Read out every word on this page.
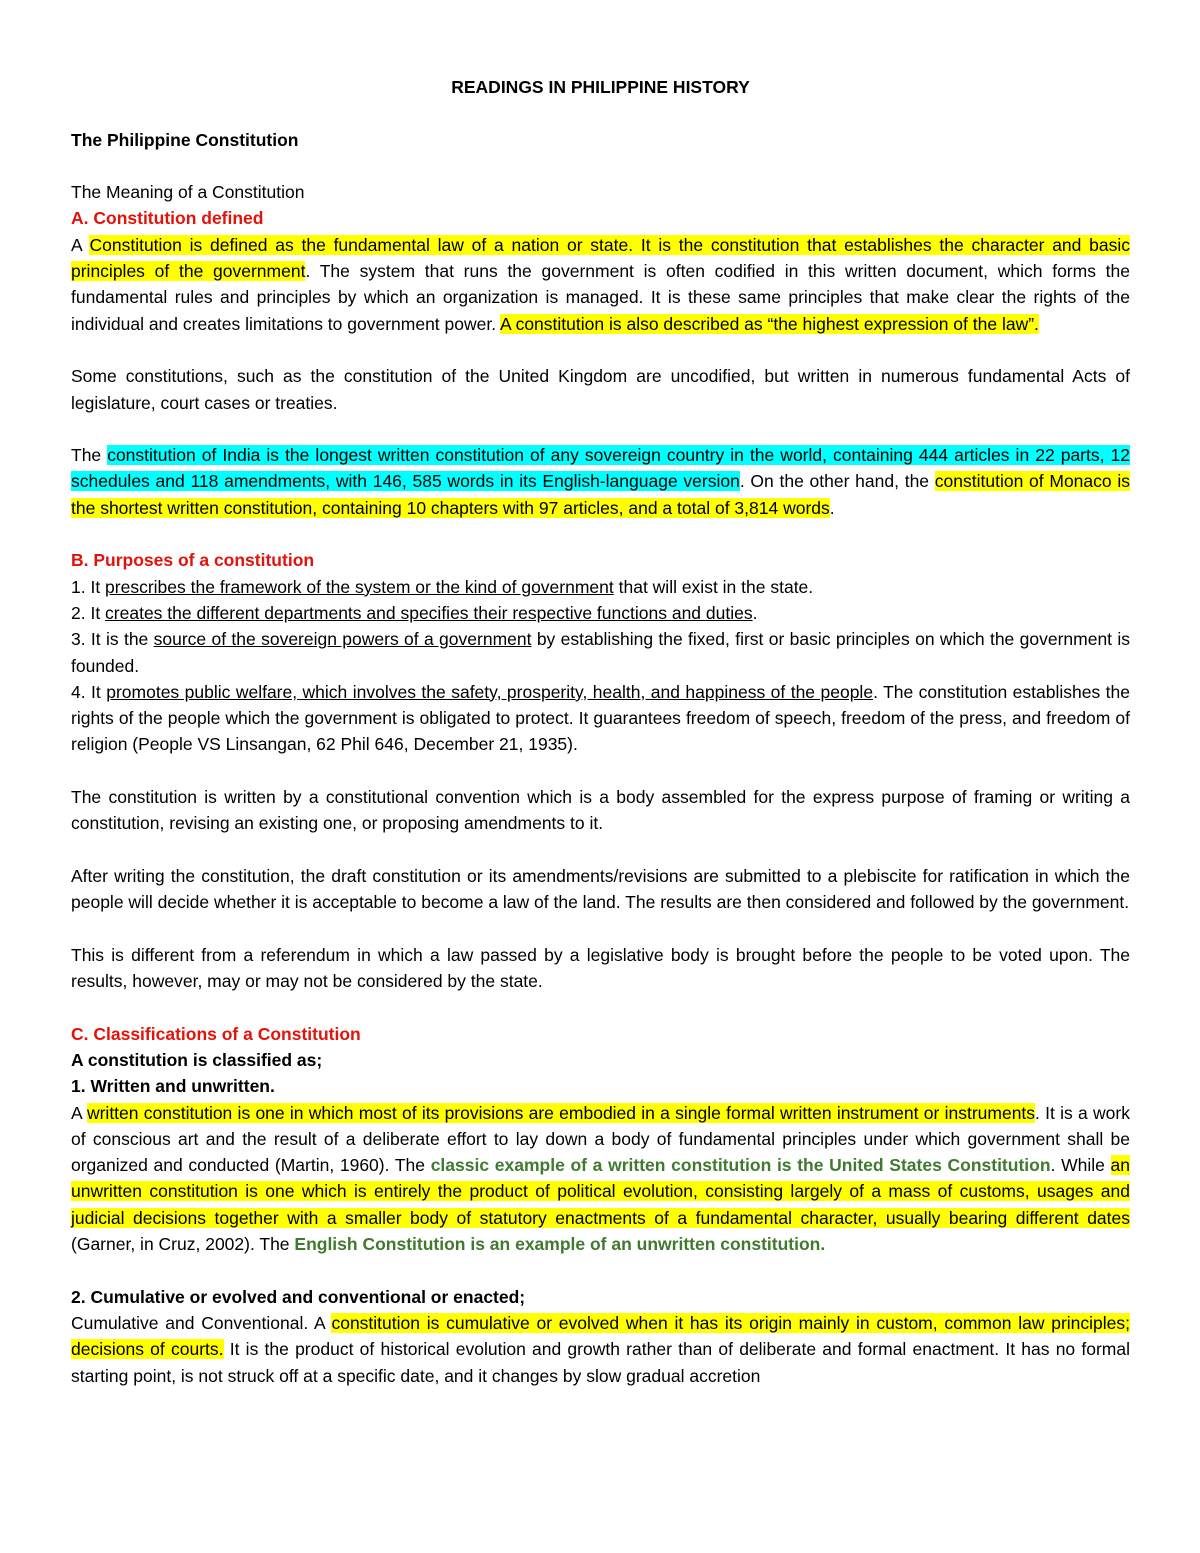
READINGS IN PHILIPPINE HISTORY

The Philippine Constitution

The Meaning of a Constitution

A. Constitution defined

A Constitution is defined as the fundamental law of a nation or state. It is the constitution that establishes the character and basic principles of the government. The system that runs the government is often codified in this written document, which forms the fundamental rules and principles by which an organization is managed. It is these same principles that make clear the rights of the individual and creates limitations to government power. A constitution is also described as “the highest expression of the law”.

Some constitutions, such as the constitution of the United Kingdom are uncodified, but written in numerous fundamental Acts of legislature, court cases or treaties.

The constitution of India is the longest written constitution of any sovereign country in the world, containing 444 articles in 22 parts, 12 schedules and 118 amendments, with 146, 585 words in its English-language version. On the other hand, the constitution of Monaco is the shortest written constitution, containing 10 chapters with 97 articles, and a total of 3,814 words.

B. Purposes of a constitution

1. It prescribes the framework of the system or the kind of government that will exist in the state.

2. It creates the different departments and specifies their respective functions and duties.

3. It is the source of the sovereign powers of a government by establishing the fixed, first or basic principles on which the government is founded.

4. It promotes public welfare, which involves the safety, prosperity, health, and happiness of the people. The constitution establishes the rights of the people which the government is obligated to protect. It guarantees freedom of speech, freedom of the press, and freedom of religion (People VS Linsangan, 62 Phil 646, December 21, 1935).

The constitution is written by a constitutional convention which is a body assembled for the express purpose of framing or writing a constitution, revising an existing one, or proposing amendments to it.

After writing the constitution, the draft constitution or its amendments/revisions are submitted to a plebiscite for ratification in which the people will decide whether it is acceptable to become a law of the land. The results are then considered and followed by the government.

This is different from a referendum in which a law passed by a legislative body is brought before the people to be voted upon. The results, however, may or may not be considered by the state.

C. Classifications of a Constitution

A constitution is classified as;

1. Written and unwritten.

A written constitution is one in which most of its provisions are embodied in a single formal written instrument or instruments. It is a work of conscious art and the result of a deliberate effort to lay down a body of fundamental principles under which government shall be organized and conducted (Martin, 1960). The classic example of a written constitution is the United States Constitution. While an unwritten constitution is one which is entirely the product of political evolution, consisting largely of a mass of customs, usages and judicial decisions together with a smaller body of statutory enactments of a fundamental character, usually bearing different dates (Garner, in Cruz, 2002). The English Constitution is an example of an unwritten constitution.

2. Cumulative or evolved and conventional or enacted;

Cumulative and Conventional. A constitution is cumulative or evolved when it has its origin mainly in custom, common law principles; decisions of courts. It is the product of historical evolution and growth rather than of deliberate and formal enactment. It has no formal starting point, is not struck off at a specific date, and it changes by slow gradual accretion
